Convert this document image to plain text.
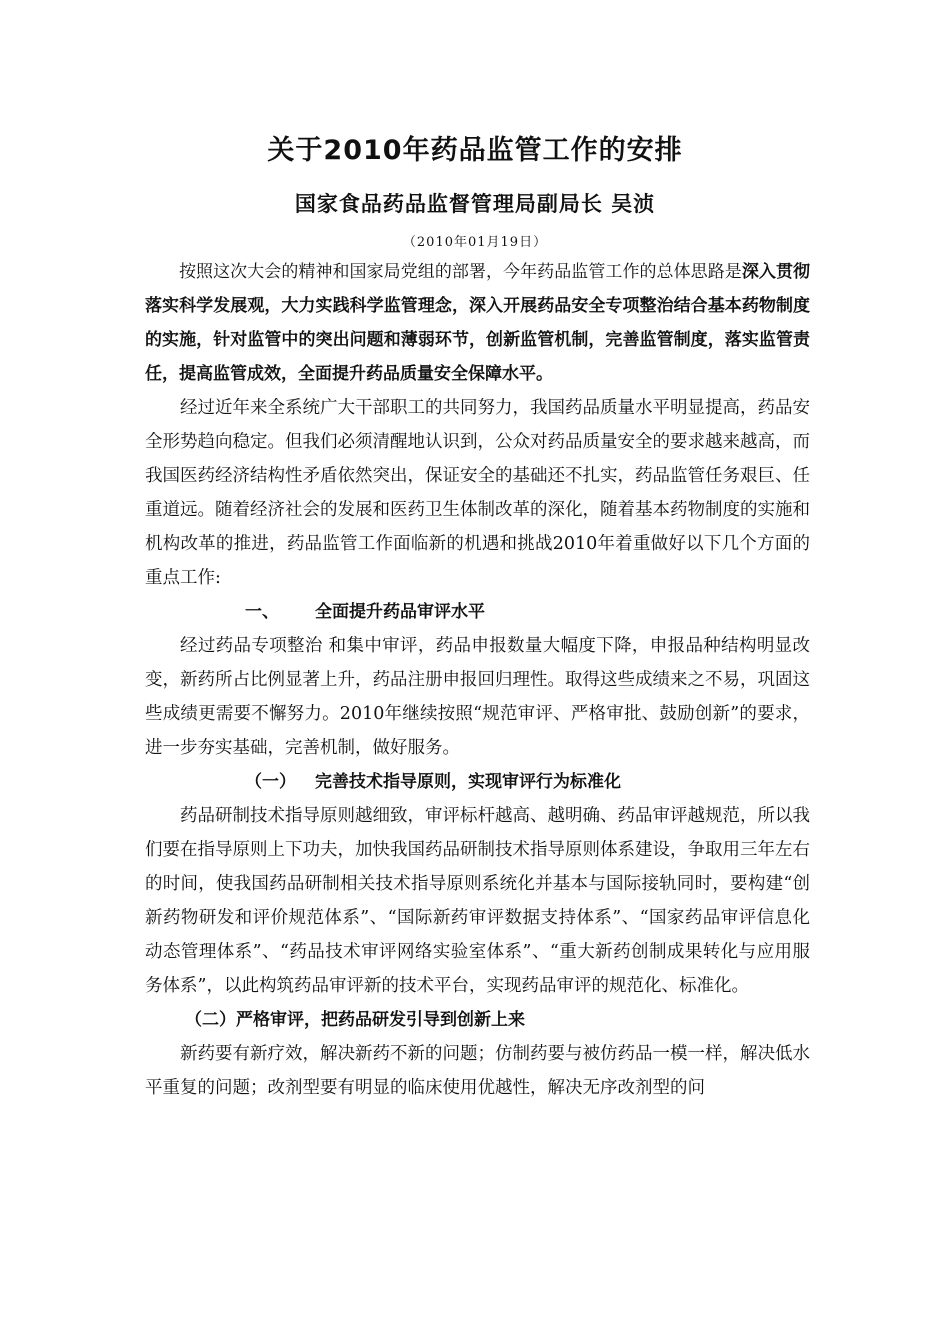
关于2010年药品监管工作的安排
国家食品药品监督管理局副局长 吴浈
（2010年01月19日）

按照这次大会的精神和国家局党组的部署，今年药品监管工作的总体思路是深入贯彻落实科学发展观，大力实践科学监管理念，深入开展药品安全专项整治结合基本药物制度的实施，针对监管中的突出问题和薄弱环节，创新监管机制，完善监管制度，落实监管责任，提高监管成效，全面提升药品质量安全保障水平。

经过近年来全系统广大干部职工的共同努力，我国药品质量水平明显提高，药品安全形势趋向稳定。但我们必须清醒地认识到，公众对药品质量安全的要求越来越高，而我国医药经济结构性矛盾依然突出，保证安全的基础还不扎实，药品监管任务艰巨、任重道远。随着经济社会的发展和医药卫生体制改革的深化，随着基本药物制度的实施和机构改革的推进，药品监管工作面临新的机遇和挑战2010年着重做好以下几个方面的重点工作:

一、 全面提升药品审评水平

经过药品专项整治 和集中审评，药品申报数量大幅度下降，申报品种结构明显改变，新药所占比例显著上升，药品注册申报回归理性。取得这些成绩来之不易，巩固这些成绩更需要不懈努力。2010年继续按照“规范审评、严格审批、鼓励创新”的要求，进一步夯实基础，完善机制，做好服务。

（一） 完善技术指导原则，实现审评行为标准化

药品研制技术指导原则越细致，审评标杆越高、越明确、药品审评越规范，所以我们要在指导原则上下功夫，加快我国药品研制技术指导原则体系建设，争取用三年左右的时间，使我国药品研制相关技术指导原则系统化并基本与国际接轨同时，要构建“创新药物研发和评价规范体系”、“国际新药审评数据支持体系”、“国家药品审评信息化动态管理体系”、“药品技术审评网络实验室体系”、“重大新药创制成果转化与应用服务体系”，以此构筑药品审评新的技术平台，实现药品审评的规范化、标准化。

（二）严格审评，把药品研发引导到创新上来

新药要有新疗效，解决新药不新的问题；仿制药要与被仿药品一模一样，解决低水平重复的问题；改剂型要有明显的临床使用优越性，解决无序改剂型的问
